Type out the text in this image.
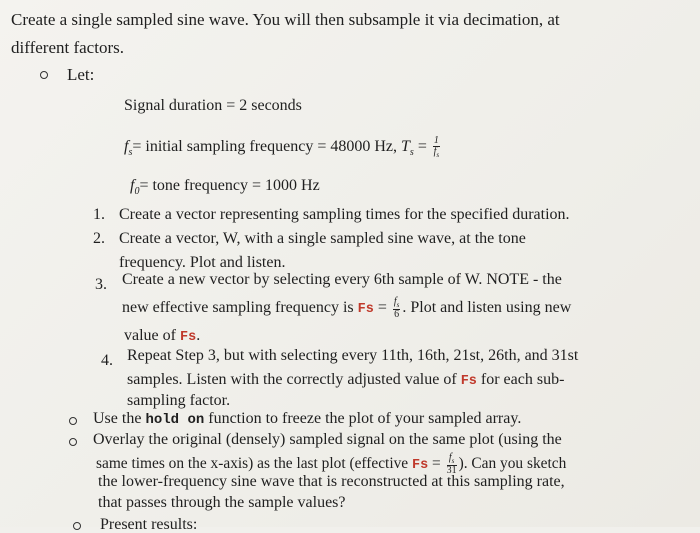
Create a single sampled sine wave. You will then subsample it via decimation, at
different factors.
Let:
Signal duration = 2 seconds
$f_s=$ initial sampling frequency = 48000 Hz, $T_s = \frac{1}{f_s}$
$f_0=$ tone frequency = 1000 Hz
1. Create a vector representing sampling times for the specified duration.
2. Create a vector, W, with a single sampled sine wave, at the tone
frequency. Plot and listen.
3. Create a new vector by selecting every 6th sample of W. NOTE - the
new effective sampling frequency is $Fs = \frac{f_s}{6}$ . Plot and listen using new
value of Fs.
4. Repeat Step 3, but with selecting every 11th, 16th, 21st, 26th, and 31st
samples. Listen with the correctly adjusted value of Fs for each sub-
sampling factor.
Use the hold on function to freeze the plot of your sampled array.
Overlay the original (densely) sampled signal on the same plot (using the
same times on the x-axis) as the last plot (effective $Fs = \frac{f_s}{31}$ ). Can you sketch
the lower-frequency sine wave that is reconstructed at this sampling rate,
that passes through the sample values?
Present results:
